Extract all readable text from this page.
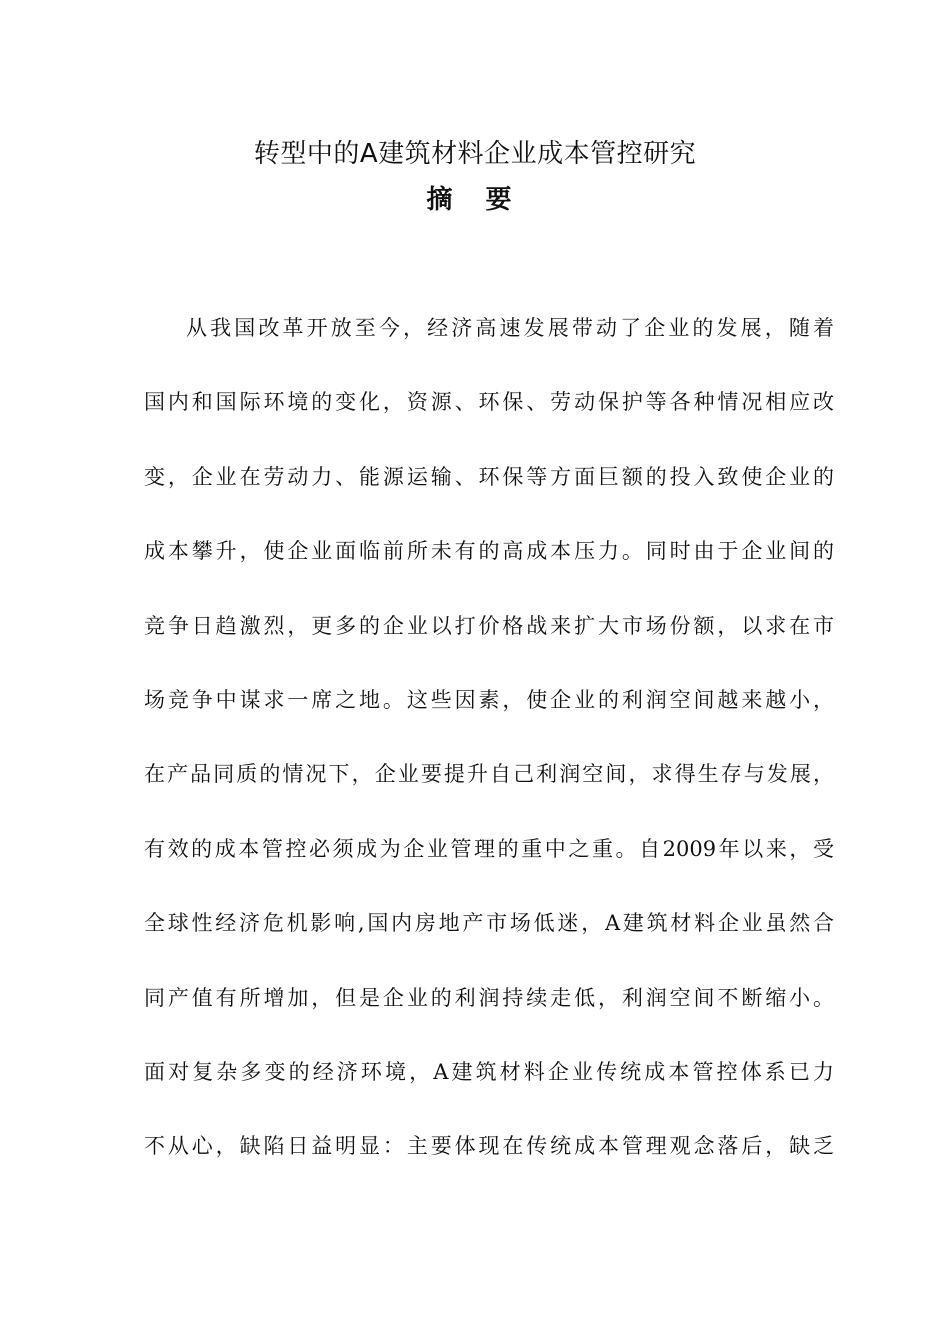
转型中的A建筑材料企业成本管控研究
摘 要
从我国改革开放至今，经济高速发展带动了企业的发展，随着
国内和国际环境的变化，资源、环保、劳动保护等各种情况相应改
变，企业在劳动力、能源运输、环保等方面巨额的投入致使企业的
成本攀升，使企业面临前所未有的高成本压力。同时由于企业间的
竞争日趋激烈，更多的企业以打价格战来扩大市场份额，以求在市
场竞争中谋求一席之地。这些因素，使企业的利润空间越来越小，
在产品同质的情况下，企业要提升自己利润空间，求得生存与发展，
有效的成本管控必须成为企业管理的重中之重。自2009年以来，受
全球性经济危机影响,国内房地产市场低迷，A建筑材料企业虽然合
同产值有所增加，但是企业的利润持续走低，利润空间不断缩小。
面对复杂多变的经济环境，A建筑材料企业传统成本管控体系已力
不从心，缺陷日益明显：主要体现在传统成本管理观念落后，缺乏
